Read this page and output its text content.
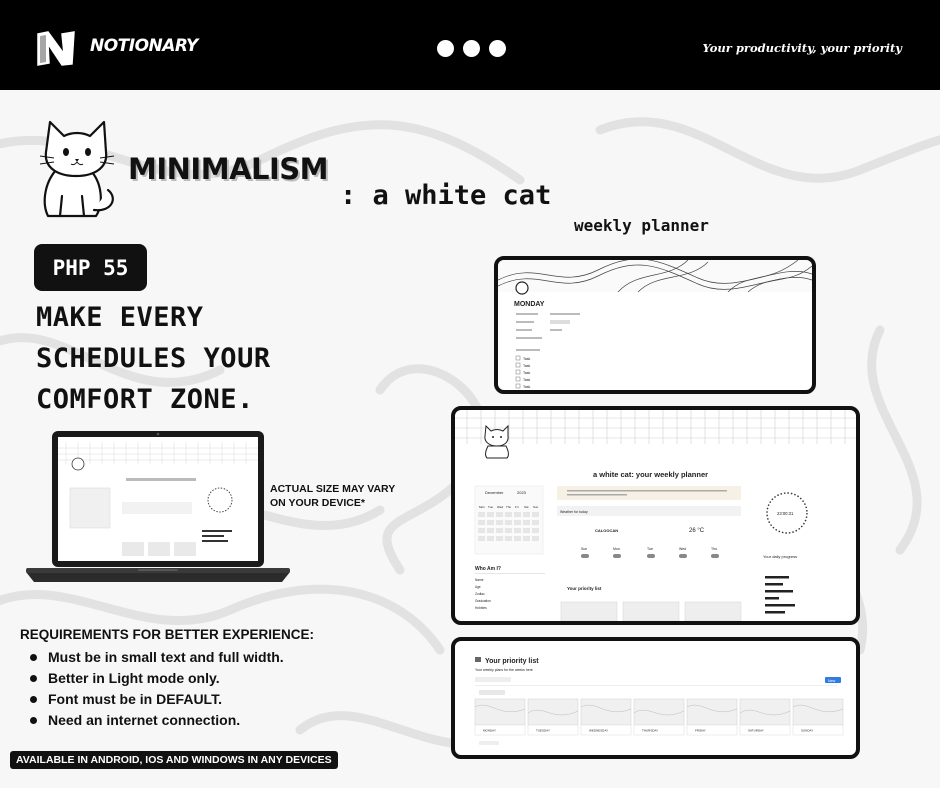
NOTIONARY	Your productivity, your priority
MINIMALISM
: a white cat
weekly planner
PHP 55
MAKE EVERY
SCHEDULES YOUR
COMFORT ZONE.
ACTUAL SIZE MAY VARY
ON YOUR DEVICE*
REQUIREMENTS FOR BETTER EXPERIENCE:
Must be in small text and full width.
Better in Light mode only.
Font must be in DEFAULT.
Need an internet connection.
AVAILABLE IN ANDROID, IOS AND WINDOWS IN ANY DEVICES
MONDAY
Task
Task
Task
Task
Task
a white cat: your weekly planner
December	2023
Mon Tue Wed Thu Fri Sat Sun
Who Am I?
Name
Age
Zodiac
Graduation
Hobbies
Weather for today
CALOOCAN	26 °C
Sun	Mon	Tue	Wed	Thu
Your priority list
23:00:31
Your daily progress
Your priority list
Your weekly plans for the weeks here
New
MONDAY	TUESDAY	WEDNESDAY	THURSDAY	FRIDAY	SATURDAY	SUNDAY
